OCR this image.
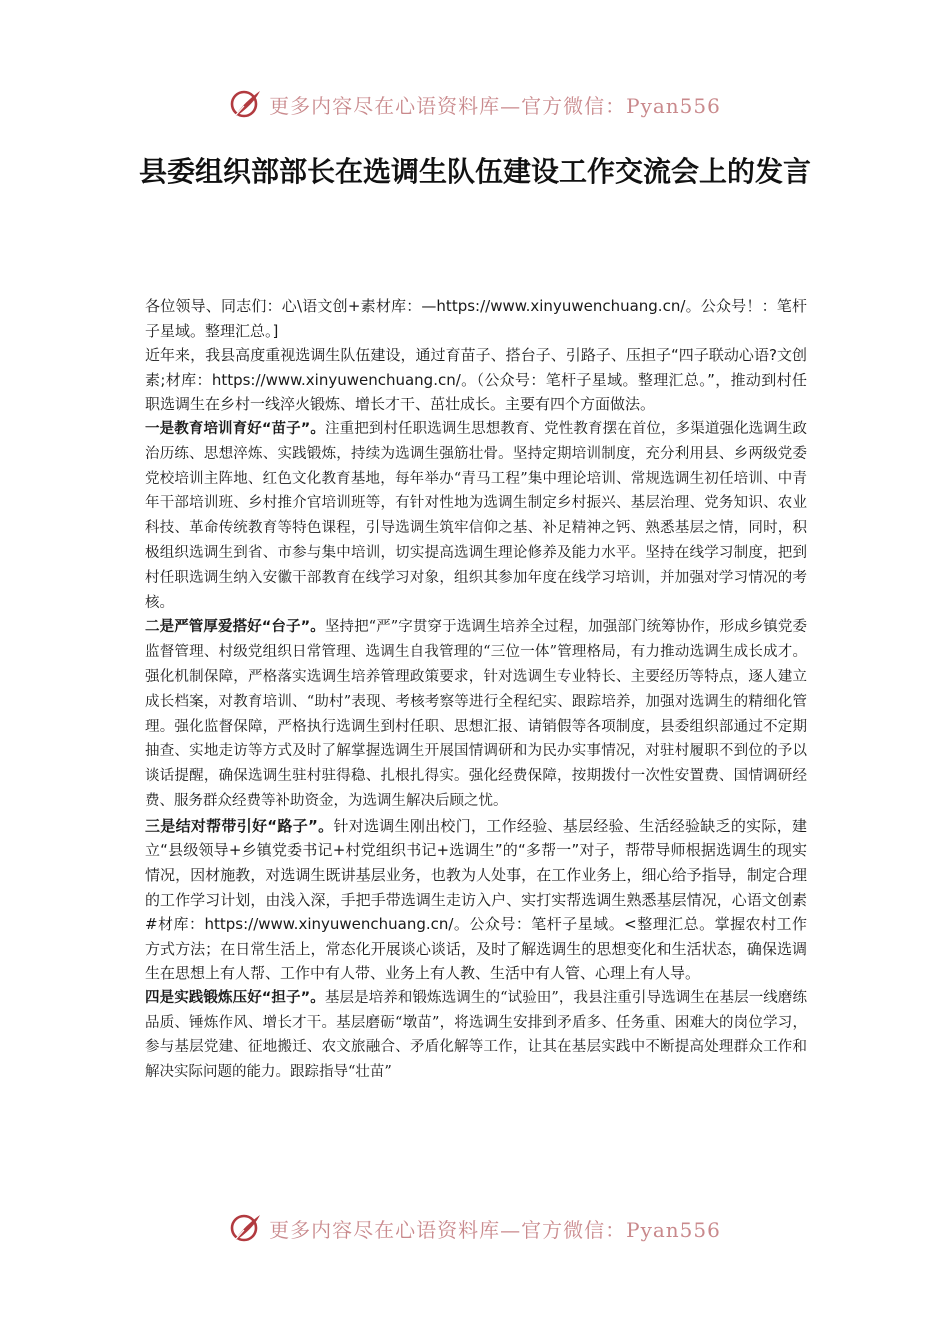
更多内容尽在心语资料库—官方微信：Pyan556
县委组织部部长在选调生队伍建设工作交流会上的发言

各位领导、同志们：心\语文创+素材库：—https://www.xinyuwenchuang.cn/。公众号！：笔杆子星域。整理汇总。]

近年来，我县高度重视选调生队伍建设，通过育苗子、搭台子、引路子、压担子“四子联动心语?文创素;材库：https://www.xinyuwenchuang.cn/。（公众号：笔杆子星域。整理汇总。”，推动到村任职选调生在乡村一线淬火锻炼、增长才干、茁壮成长。主要有四个方面做法。

一是教育培训育好“苗子”。注重把到村任职选调生思想教育、党性教育摆在首位，多渠道强化选调生政治历练、思想淬炼、实践锻炼，持续为选调生强筋壮骨。坚持定期培训制度，充分利用县、乡两级党委党校培训主阵地、红色文化教育基地，每年举办“青马工程”集中理论培训、常规选调生初任培训、中青年干部培训班、乡村推介官培训班等，有针对性地为选调生制定乡村振兴、基层治理、党务知识、农业科技、革命传统教育等特色课程，引导选调生筑牢信仰之基、补足精神之钙、熟悉基层之情，同时，积极组织选调生到省、市参与集中培训，切实提高选调生理论修养及能力水平。坚持在线学习制度，把到村任职选调生纳入安徽干部教育在线学习对象，组织其参加年度在线学习培训，并加强对学习情况的考核。

二是严管厚爱搭好“台子”。坚持把“严”字贯穿于选调生培养全过程，加强部门统筹协作，形成乡镇党委监督管理、村级党组织日常管理、选调生自我管理的“三位一体”管理格局，有力推动选调生成长成才。强化机制保障，严格落实选调生培养管理政策要求，针对选调生专业特长、主要经历等特点，逐人建立成长档案，对教育培训、“助村”表现、考核考察等进行全程纪实、跟踪培养，加强对选调生的精细化管理。强化监督保障，严格执行选调生到村任职、思想汇报、请销假等各项制度，县委组织部通过不定期抽查、实地走访等方式及时了解掌握选调生开展国情调研和为民办实事情况，对驻村履职不到位的予以谈话提醒，确保选调生驻村驻得稳、扎根扎得实。强化经费保障，按期拨付一次性安置费、国情调研经费、服务群众经费等补助资金，为选调生解决后顾之忧。

三是结对帮带引好“路子”。针对选调生刚出校门，工作经验、基层经验、生活经验缺乏的实际，建立“县级领导+乡镇党委书记+村党组织书记+选调生”的“多帮一”对子，帮带导师根据选调生的现实情况，因材施教，对选调生既讲基层业务，也教为人处事，在工作业务上，细心给予指导，制定合理的工作学习计划，由浅入深，手把手带选调生走访入户、实打实帮选调生熟悉基层情况，心语文创素#材库：https://www.xinyuwenchuang.cn/。公众号：笔杆子星域。<整理汇总。掌握农村工作方式方法；在日常生活上，常态化开展谈心谈话，及时了解选调生的思想变化和生活状态，确保选调生在思想上有人帮、工作中有人带、业务上有人教、生活中有人管、心理上有人导。

四是实践锻炼压好“担子”。基层是培养和锻炼选调生的“试验田”，我县注重引导选调生在基层一线磨练品质、锤炼作风、增长才干。基层磨砺“墩苗”，将选调生安排到矛盾多、任务重、困难大的岗位学习，参与基层党建、征地搬迁、农文旅融合、矛盾化解等工作，让其在基层实践中不断提高处理群众工作和解决实际问题的能力。跟踪指导“壮苗”

更多内容尽在心语资料库—官方微信：Pyan556
